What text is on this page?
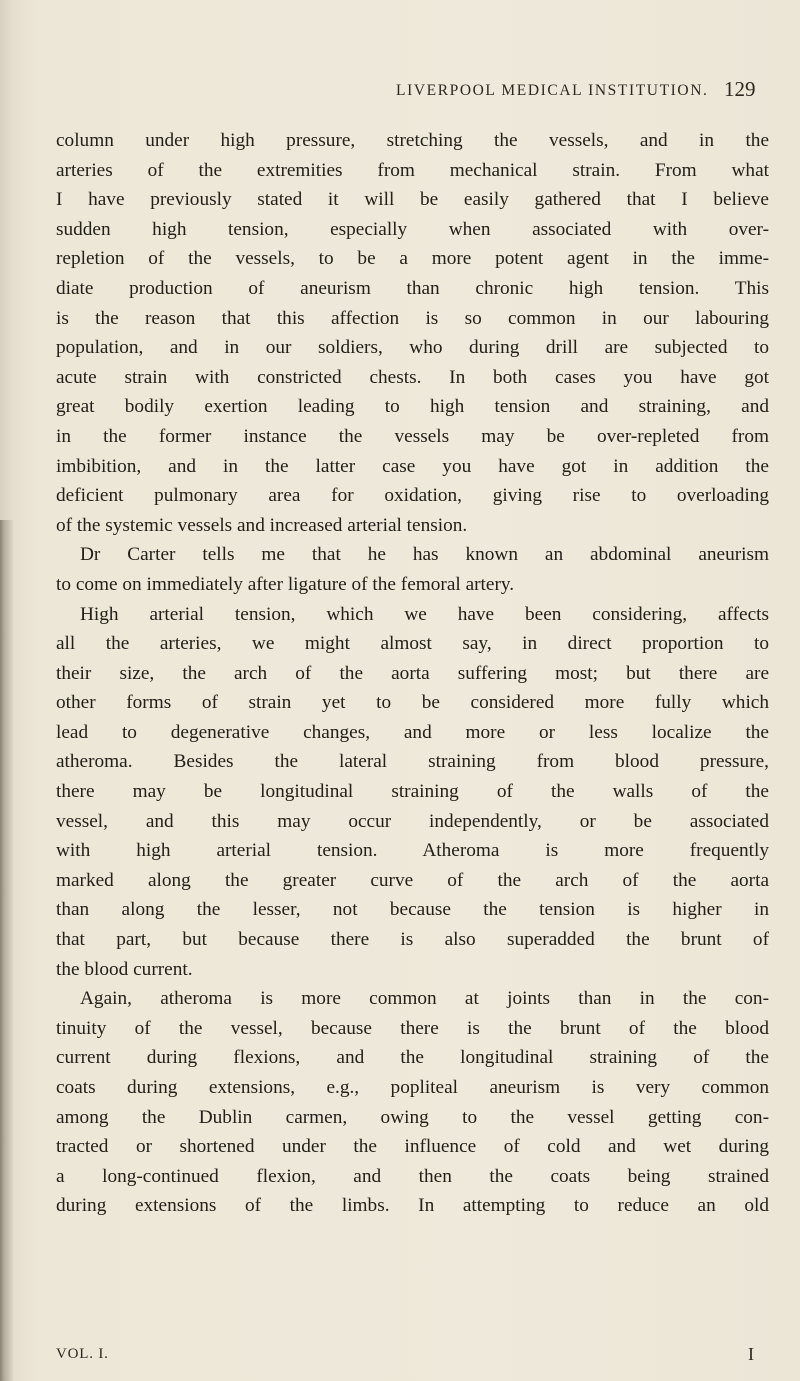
LIVERPOOL MEDICAL INSTITUTION. 129
column under high pressure, stretching the vessels, and in the
arteries of the extremities from mechanical strain. From what
I have previously stated it will be easily gathered that I believe
sudden high tension, especially when associated with over-
repletion of the vessels, to be a more potent agent in the imme-
diate production of aneurism than chronic high tension. This
is the reason that this affection is so common in our labouring
population, and in our soldiers, who during drill are subjected to
acute strain with constricted chests. In both cases you have got
great bodily exertion leading to high tension and straining, and
in the former instance the vessels may be over-repleted from
imbibition, and in the latter case you have got in addition the
deficient pulmonary area for oxidation, giving rise to overloading
of the systemic vessels and increased arterial tension.
Dr Carter tells me that he has known an abdominal aneurism
to come on immediately after ligature of the femoral artery.
High arterial tension, which we have been considering, affects
all the arteries, we might almost say, in direct proportion to
their size, the arch of the aorta suffering most; but there are
other forms of strain yet to be considered more fully which
lead to degenerative changes, and more or less localize the
atheroma. Besides the lateral straining from blood pressure,
there may be longitudinal straining of the walls of the
vessel, and this may occur independently, or be associated
with high arterial tension. Atheroma is more frequently
marked along the greater curve of the arch of the aorta
than along the lesser, not because the tension is higher in
that part, but because there is also superadded the brunt of
the blood current.
Again, atheroma is more common at joints than in the con-
tinuity of the vessel, because there is the brunt of the blood
current during flexions, and the longitudinal straining of the
coats during extensions, e.g., popliteal aneurism is very common
among the Dublin carmen, owing to the vessel getting con-
tracted or shortened under the influence of cold and wet during
a long-continued flexion, and then the coats being strained
during extensions of the limbs. In attempting to reduce an old
VOL. I.	I
